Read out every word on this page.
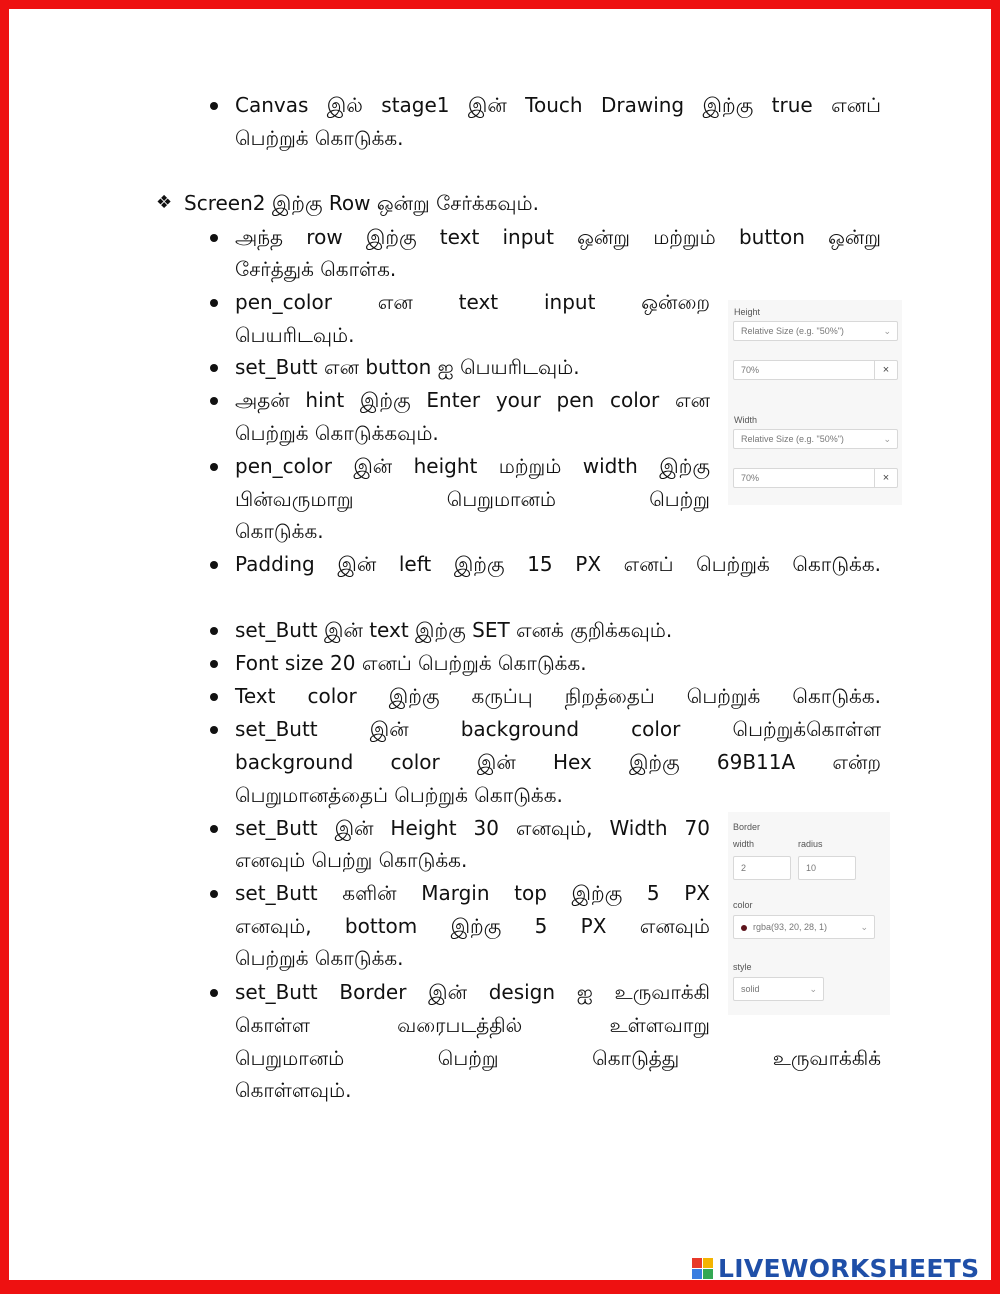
❖
Canvas இல் stage1 இன் Touch Drawing இற்கு true எனப்
பெற்றுக் கொடுக்க.
Screen2 இற்கு Row ஒன்று சேர்க்கவும்.
அந்த row இற்கு text input ஒன்று மற்றும் button ஒன்று
சேர்த்துக் கொள்க.
pen_color என text input ஒன்றை
பெயரிடவும்.
set_Butt என button ஐ பெயரிடவும்.
அதன் hint இற்கு Enter your pen color என
பெற்றுக் கொடுக்கவும்.
pen_color இன் height மற்றும் width இற்கு
பின்வருமாறு பெறுமானம் பெற்று
கொடுக்க.
Padding இன் left இற்கு 15 PX எனப் பெற்றுக் கொடுக்க.
set_Butt இன் text இற்கு SET எனக் குறிக்கவும்.
Font size 20 எனப் பெற்றுக் கொடுக்க.
Text color இற்கு கருப்பு நிறத்தைப் பெற்றுக் கொடுக்க.
set_Butt இன் background color பெற்றுக்கொள்ள
background color இன் Hex இற்கு 69B11A என்ற
பெறுமானத்தைப் பெற்றுக் கொடுக்க.
set_Butt இன் Height 30 எனவும், Width 70
எனவும் பெற்று கொடுக்க.
set_Butt களின் Margin top இற்கு 5 PX
எனவும், bottom இற்கு 5 PX எனவும்
பெற்றுக் கொடுக்க.
set_Butt Border இன் design ஐ உருவாக்கி
கொள்ள வரைபடத்தில் உள்ளவாறு
பெறுமானம் பெற்று கொடுத்து உருவாக்கிக்
கொள்ளவும்.
Height
Relative Size (e.g. "50%")	⌄
70%	×
Width
Relative Size (e.g. "50%")	⌄
70%	×
Border
width	radius
2	10
color
rgba(93, 20, 28, 1)	⌄
style
solid	⌄
LIVEWORKSHEETS
